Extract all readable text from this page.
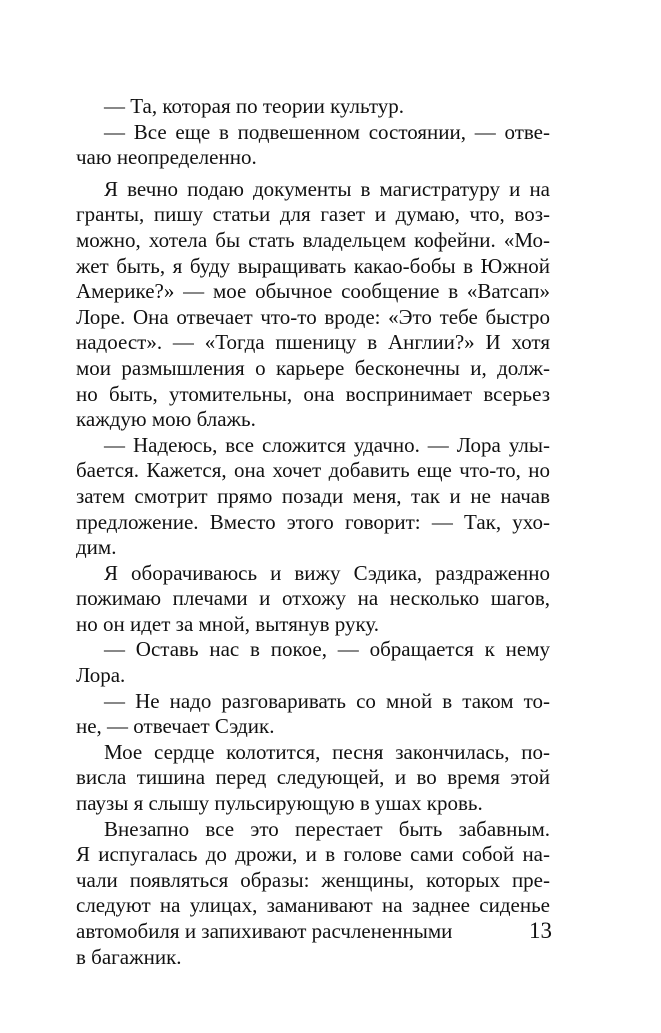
— Та, которая по теории культур.
— Все еще в подвешенном состоянии, — отве-
чаю неопределенно.
Я вечно подаю документы в магистратуру и на
гранты, пишу статьи для газет и думаю, что, воз-
можно, хотела бы стать владельцем кофейни. «Мо-
жет быть, я буду выращивать какао-бобы в Южной
Америке?» — мое обычное сообщение в «Ватсап»
Лоре. Она отвечает что-то вроде: «Это тебе быстро
надоест». — «Тогда пшеницу в Англии?» И хотя
мои размышления о карьере бесконечны и, долж-
но быть, утомительны, она воспринимает всерьез
каждую мою блажь.
— Надеюсь, все сложится удачно. — Лора улы-
бается. Кажется, она хочет добавить еще что-то, но
затем смотрит прямо позади меня, так и не начав
предложение. Вместо этого говорит: — Так, ухо-
дим.
Я оборачиваюсь и вижу Сэдика, раздраженно
пожимаю плечами и отхожу на несколько шагов,
но он идет за мной, вытянув руку.
— Оставь нас в покое, — обращается к нему
Лора.
— Не надо разговаривать со мной в таком то-
не, — отвечает Сэдик.
Мое сердце колотится, песня закончилась, по-
висла тишина перед следующей, и во время этой
паузы я слышу пульсирующую в ушах кровь.
Внезапно все это перестает быть забавным.
Я испугалась до дрожи, и в голове сами собой на-
чали появляться образы: женщины, которых пре-
следуют на улицах, заманивают на заднее сиденье
автомобиля и запихивают расчлененными
в багажник.
13
